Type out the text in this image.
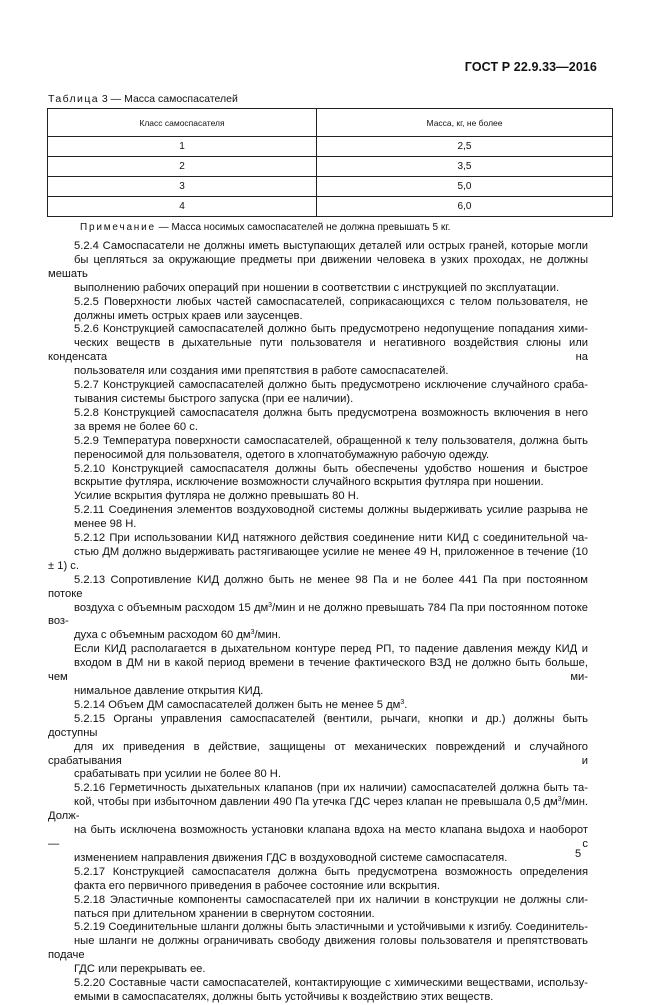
ГОСТ Р 22.9.33—2016
Таблица 3 — Масса самоспасателей
Класс самоспасателя	Масса, кг, не более
1	2,5
2	3,5
3	5,0
4	6,0
Примечание — Масса носимых самоспасателей не должна превышать 5 кг.
5.2.4 Самоспасатели не должны иметь выступающих деталей или острых граней, которые могли
бы цепляться за окружающие предметы при движении человека в узких проходах, не должны мешать
выполнению рабочих операций при ношении в соответствии с инструкцией по эксплуатации.
5.2.5 Поверхности любых частей самоспасателей, соприкасающихся с телом пользователя, не
должны иметь острых краев или заусенцев.
5.2.6 Конструкцией самоспасателей должно быть предусмотрено недопущение попадания хими-
ческих веществ в дыхательные пути пользователя и негативного воздействия слюны или конденсата на
пользователя или создания ими препятствия в работе самоспасателей.
5.2.7 Конструкцией самоспасателей должно быть предусмотрено исключение случайного сраба-
тывания системы быстрого запуска (при ее наличии).
5.2.8 Конструкцией самоспасателя должна быть предусмотрена возможность включения в него
за время не более 60 с.
5.2.9 Температура поверхности самоспасателей, обращенной к телу пользователя, должна быть
переносимой для пользователя, одетого в хлопчатобумажную рабочую одежду.
5.2.10 Конструкцией самоспасателя должны быть обеспечены удобство ношения и быстрое
вскрытие футляра, исключение возможности случайного вскрытия футляра при ношении.
Усилие вскрытия футляра не должно превышать 80 Н.
5.2.11 Соединения элементов воздуховодной системы должны выдерживать усилие разрыва не
менее 98 Н.
5.2.12 При использовании КИД натяжного действия соединение нити КИД с соединительной ча-
стью ДМ должно выдерживать растягивающее усилие не менее 49 Н, приложенное в течение (10 ± 1) с.
5.2.13 Сопротивление КИД должно быть не менее 98 Па и не более 441 Па при постоянном потоке
воздуха с объемным расходом 15 $дм^3$/мин и не должно превышать 784 Па при постоянном потоке воз-
духа с объемным расходом 60 $дм^3$/мин.
Если КИД располагается в дыхательном контуре перед РП, то падение давления между КИД и
входом в ДМ ни в какой период времени в течение фактического ВЗД не должно быть больше, чем ми-
нимальное давление открытия КИД.
5.2.14 Объем ДМ самоспасателей должен быть не менее 5 $дм^3$.
5.2.15 Органы управления самоспасателей (вентили, рычаги, кнопки и др.) должны быть доступны
для их приведения в действие, защищены от механических повреждений и случайного срабатывания и
срабатывать при усилии не более 80 Н.
5.2.16 Герметичность дыхательных клапанов (при их наличии) самоспасателей должна быть та-
кой, чтобы при избыточном давлении 490 Па утечка ГДС через клапан не превышала 0,5 $дм^3$/мин. Долж-
на быть исключена возможность установки клапана вдоха на место клапана выдоха и наоборот — с
изменением направления движения ГДС в воздуховодной системе самоспасателя.
5.2.17 Конструкцией самоспасателя должна быть предусмотрена возможность определения
факта его первичного приведения в рабочее состояние или вскрытия.
5.2.18 Эластичные компоненты самоспасателей при их наличии в конструкции не должны сли-
паться при длительном хранении в свернутом состоянии.
5.2.19 Соединительные шланги должны быть эластичными и устойчивыми к изгибу. Соединитель-
ные шланги не должны ограничивать свободу движения головы пользователя и препятствовать подаче
ГДС или перекрывать ее.
5.2.20 Составные части самоспасателей, контактирующие с химическими веществами, использу-
емыми в самоспасателях, должны быть устойчивы к воздействию этих веществ.
5
